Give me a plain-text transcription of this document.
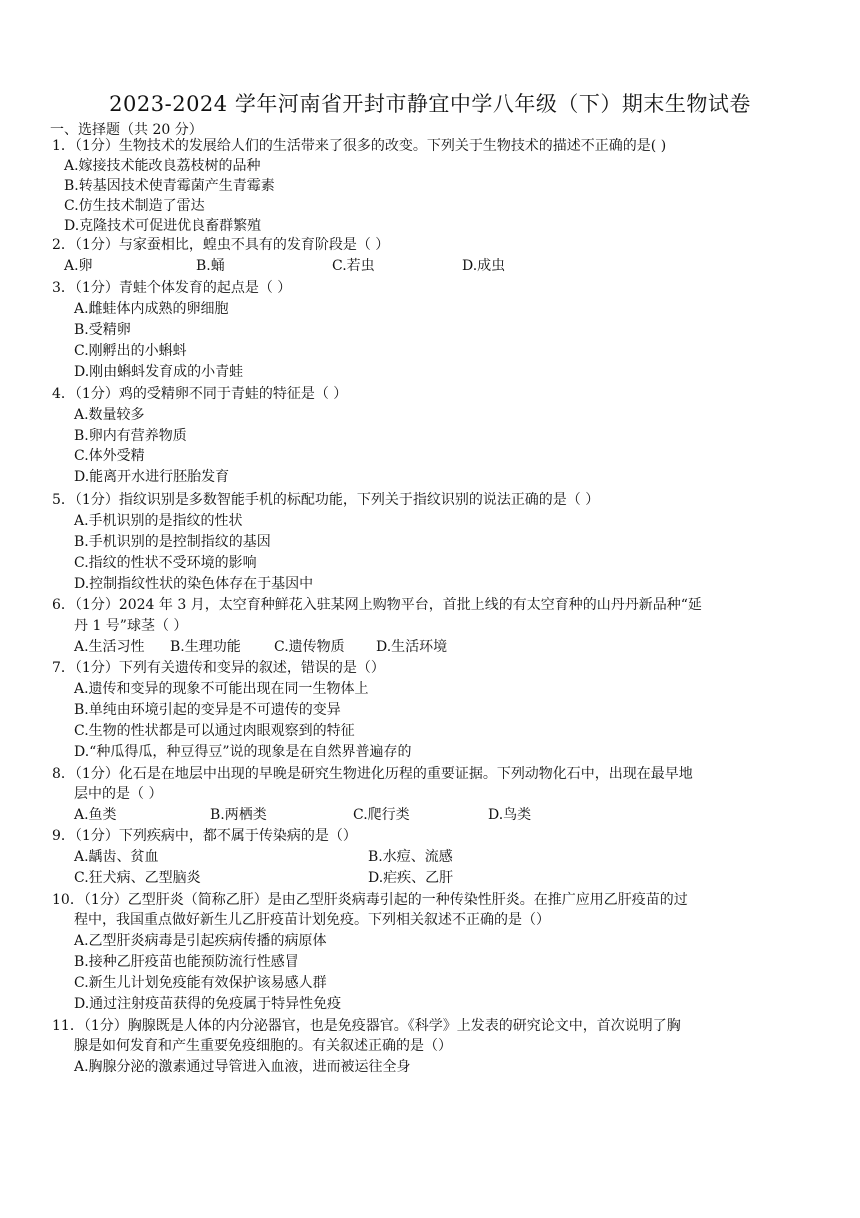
2023-2024 学年河南省开封市静宜中学八年级（下）期末生物试卷
一、选择题（共 20 分）
1．（1分）生物技术的发展给人们的生活带来了很多的改变。下列关于生物技术的描述不正确的是( )
A.嫁接技术能改良荔枝树的品种
B.转基因技术使青霉菌产生青霉素
C.仿生技术制造了雷达
D.克隆技术可促进优良畜群繁殖
2．（1分）与家蚕相比，蝗虫不具有的发育阶段是（ ）
A.卵	B.蛹	C.若虫	D.成虫
3．（1分）青蛙个体发育的起点是（ ）
A.雌蛙体内成熟的卵细胞
B.受精卵
C.刚孵出的小蝌蚪
D.刚由蝌蚪发育成的小青蛙
4．（1分）鸡的受精卵不同于青蛙的特征是（ ）
A.数量较多
B.卵内有营养物质
C.体外受精
D.能离开水进行胚胎发育
5．（1分）指纹识别是多数智能手机的标配功能，下列关于指纹识别的说法正确的是（ ）
A.手机识别的是指纹的性状
B.手机识别的是控制指纹的基因
C.指纹的性状不受环境的影响
D.控制指纹性状的染色体存在于基因中
6．（1分）2024 年 3 月，太空育种鲜花入驻某网上购物平台，首批上线的有太空育种的山丹丹新品种“延
丹 1 号”球茎（ ）
A.生活习性 B.生理功能 C.遗传物质 D.生活环境
7．（1分）下列有关遗传和变异的叙述，错误的是（）
A.遗传和变异的现象不可能出现在同一生物体上
B.单纯由环境引起的变异是不可遗传的变异
C.生物的性状都是可以通过肉眼观察到的特征
D.“种瓜得瓜，种豆得豆”说的现象是在自然界普遍存的
8．（1分）化石是在地层中出现的早晚是研究生物进化历程的重要证据。下列动物化石中，出现在最早地
层中的是（ ）
A.鱼类	B.两栖类	C.爬行类	D.鸟类
9．（1分）下列疾病中，都不属于传染病的是（）
A.龋齿、贫血	B.水痘、流感
C.狂犬病、乙型脑炎	D.疟疾、乙肝
10．（1分）乙型肝炎（简称乙肝）是由乙型肝炎病毒引起的一种传染性肝炎。在推广应用乙肝疫苗的过
程中，我国重点做好新生儿乙肝疫苗计划免疫。下列相关叙述不正确的是（）
A.乙型肝炎病毒是引起疾病传播的病原体
B.接种乙肝疫苗也能预防流行性感冒
C.新生儿计划免疫能有效保护该易感人群
D.通过注射疫苗获得的免疫属于特异性免疫
11．（1分）胸腺既是人体的内分泌器官，也是免疫器官。《科学》上发表的研究论文中，首次说明了胸
腺是如何发育和产生重要免疫细胞的。有关叙述正确的是（）
A.胸腺分泌的激素通过导管进入血液，进而被运往全身
